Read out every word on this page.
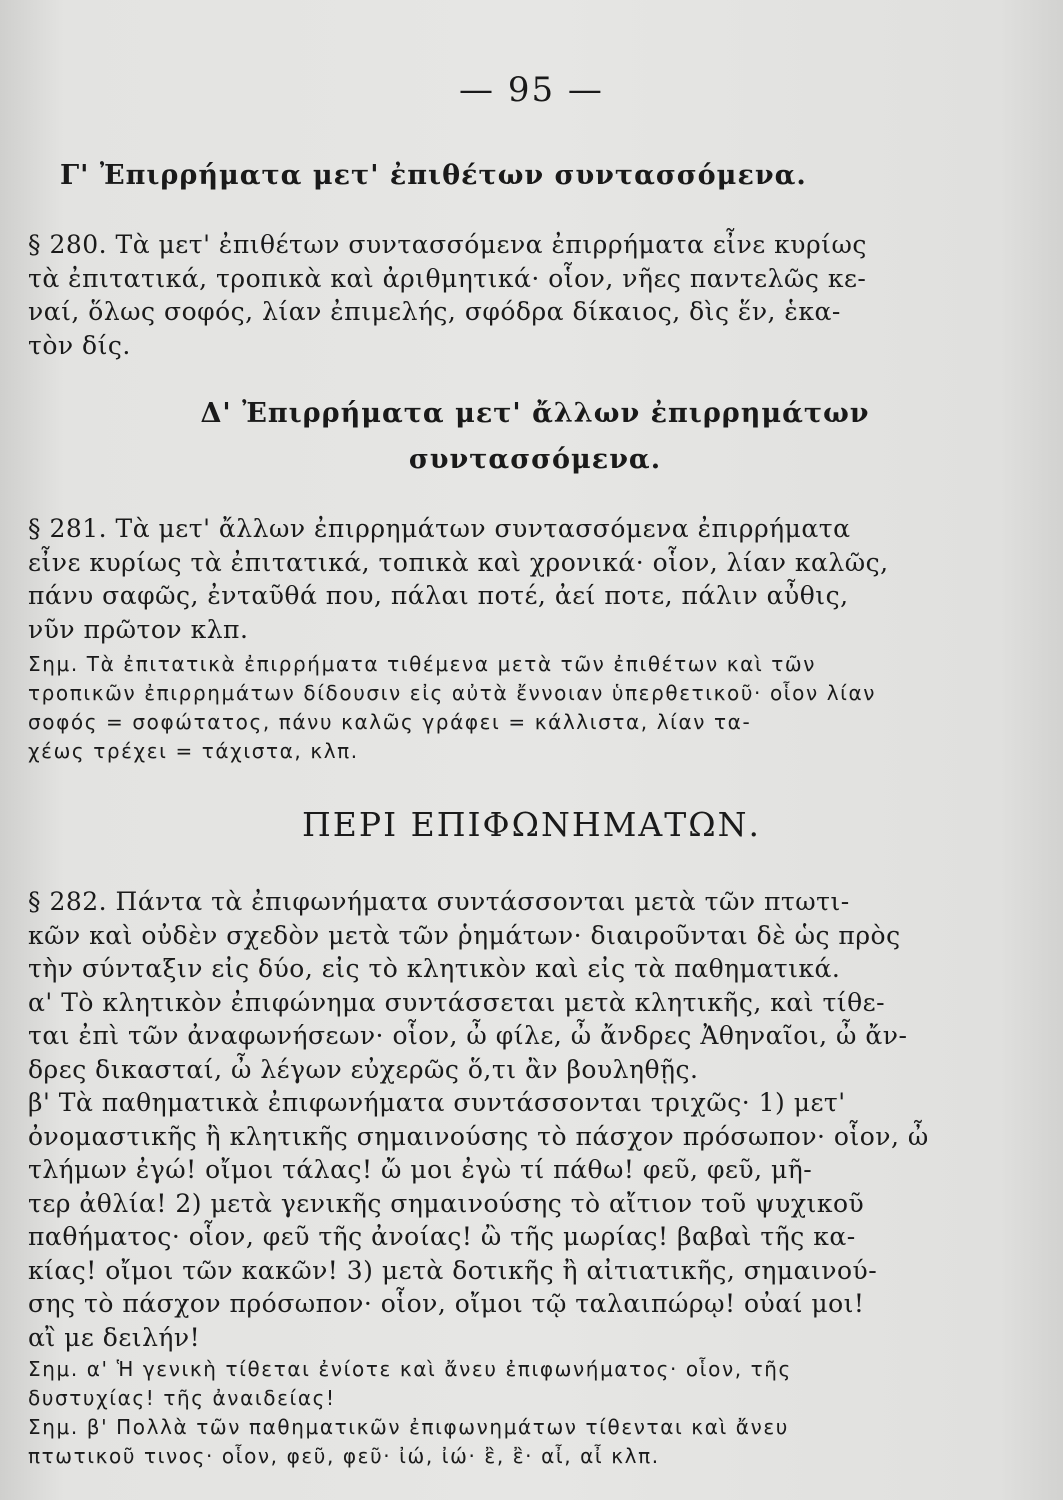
— 95 —
Γ' Ἐπιρρήματα μετ' ἐπιθέτων συντασσόμενα.
§ 280. Τὰ μετ' ἐπιθέτων συντασσόμενα ἐπιρρήματα εἶνε κυρίως
τὰ ἐπιτατικά, τροπικὰ καὶ ἀριθμητικά· οἷον, νῆες παντελῶς κε-
ναί, ὅλως σοφός, λίαν ἐπιμελής, σφόδρα δίκαιος, δὶς ἕν, ἑκα-
τὸν δίς.
Δ' Ἐπιρρήματα μετ' ἄλλων ἐπιρρημάτων
συντασσόμενα.
§ 281. Τὰ μετ' ἄλλων ἐπιρρημάτων συντασσόμενα ἐπιρρήματα
εἶνε κυρίως τὰ ἐπιτατικά, τοπικὰ καὶ χρονικά· οἷον, λίαν καλῶς,
πάνυ σαφῶς, ἐνταῦθά που, πάλαι ποτέ, ἀεί ποτε, πάλιν αὖθις,
νῦν πρῶτον κλπ.
Σημ. Τὰ ἐπιτατικὰ ἐπιρρήματα τιθέμενα μετὰ τῶν ἐπιθέτων καὶ τῶν
τροπικῶν ἐπιρρημάτων δίδουσιν εἰς αὐτὰ ἔννοιαν ὑπερθετικοῦ· οἷον λίαν
σοφός = σοφώτατος, πάνυ καλῶς γράφει = κάλλιστα, λίαν τα-
χέως τρέχει = τάχιστα, κλπ.
ΠΕΡΙ ΕΠΙΦΩΝΗΜΑΤΩΝ.
§ 282. Πάντα τὰ ἐπιφωνήματα συντάσσονται μετὰ τῶν πτωτι-
κῶν καὶ οὐδὲν σχεδὸν μετὰ τῶν ῥημάτων· διαιροῦνται δὲ ὡς πρὸς
τὴν σύνταξιν εἰς δύο, εἰς τὸ κλητικὸν καὶ εἰς τὰ παθηματικά.
α' Τὸ κλητικὸν ἐπιφώνημα συντάσσεται μετὰ κλητικῆς, καὶ τίθε-
ται ἐπὶ τῶν ἀναφωνήσεων· οἷον, ὦ φίλε, ὦ ἄνδρες Ἀθηναῖοι, ὦ ἄν-
δρες δικασταί, ὦ λέγων εὐχερῶς ὅ,τι ἂν βουληθῇς.
β' Τὰ παθηματικὰ ἐπιφωνήματα συντάσσονται τριχῶς· 1) μετ'
ὀνομαστικῆς ἢ κλητικῆς σημαινούσης τὸ πάσχον πρόσωπον· οἷον, ὦ
τλήμων ἐγώ! οἴμοι τάλας! ὤ μοι ἐγὼ τί πάθω! φεῦ, φεῦ, μῆ-
τερ ἀθλία! 2) μετὰ γενικῆς σημαινούσης τὸ αἴτιον τοῦ ψυχικοῦ
παθήματος· οἷον, φεῦ τῆς ἀνοίας! ὢ τῆς μωρίας! βαβαὶ τῆς κα-
κίας! οἴμοι τῶν κακῶν! 3) μετὰ δοτικῆς ἢ αἰτιατικῆς, σημαινού-
σης τὸ πάσχον πρόσωπον· οἷον, οἴμοι τῷ ταλαιπώρῳ! οὐαί μοι!
αἲ με δειλήν!
Σημ. α' Ἡ γενικὴ τίθεται ἐνίοτε καὶ ἄνευ ἐπιφωνήματος· οἷον, τῆς
δυστυχίας! τῆς ἀναιδείας!
Σημ. β' Πολλὰ τῶν παθηματικῶν ἐπιφωνημάτων τίθενται καὶ ἄνευ
πτωτικοῦ τινος· οἷον, φεῦ, φεῦ· ἰώ, ἰώ· ἒ, ἒ· αἶ, αἶ κλπ.
